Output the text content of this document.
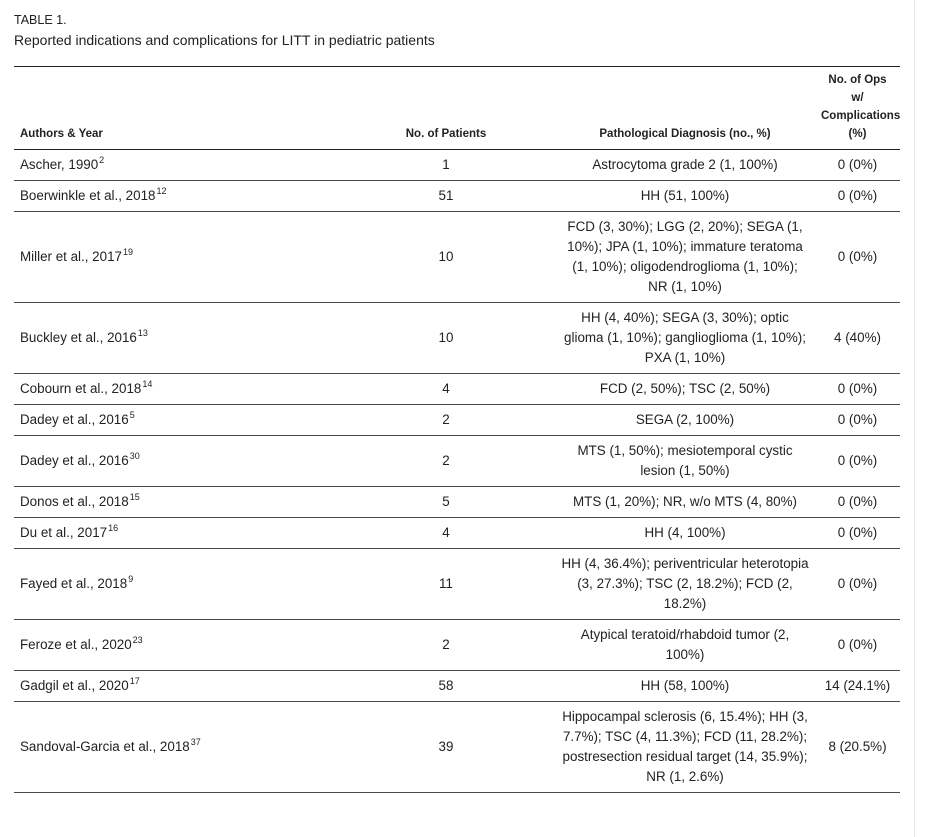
TABLE 1.
Reported indications and complications for LITT in pediatric patients
Authors & Year	No. of Patients	Pathological Diagnosis (no., %)	No. of Ops w/ Complications (%)
Ascher, 1990$^2$	1	Astrocytoma grade 2 (1, 100%)	0 (0%)
Boerwinkle et al., 2018$^{12}$	51	HH (51, 100%)	0 (0%)
Miller et al., 2017$^{19}$	10	FCD (3, 30%); LGG (2, 20%); SEGA (1, 10%); JPA (1, 10%); immature teratoma (1, 10%); oligodendroglioma (1, 10%); NR (1, 10%)	0 (0%)
Buckley et al., 2016$^{13}$	10	HH (4, 40%); SEGA (3, 30%); optic glioma (1, 10%); ganglioglioma (1, 10%); PXA (1, 10%)	4 (40%)
Cobourn et al., 2018$^{14}$	4	FCD (2, 50%); TSC (2, 50%)	0 (0%)
Dadey et al., 2016$^5$	2	SEGA (2, 100%)	0 (0%)
Dadey et al., 2016$^{30}$	2	MTS (1, 50%); mesiotemporal cystic lesion (1, 50%)	0 (0%)
Donos et al., 2018$^{15}$	5	MTS (1, 20%); NR, w/o MTS (4, 80%)	0 (0%)
Du et al., 2017$^{16}$	4	HH (4, 100%)	0 (0%)
Fayed et al., 2018$^9$	11	HH (4, 36.4%); periventricular heterotopia (3, 27.3%); TSC (2, 18.2%); FCD (2, 18.2%)	0 (0%)
Feroze et al., 2020$^{23}$	2	Atypical teratoid/rhabdoid tumor (2, 100%)	0 (0%)
Gadgil et al., 2020$^{17}$	58	HH (58, 100%)	14 (24.1%)
Sandoval-Garcia et al., 2018$^{37}$	39	Hippocampal sclerosis (6, 15.4%); HH (3, 7.7%); TSC (4, 11.3%); FCD (11, 28.2%); postresection residual target (14, 35.9%); NR (1, 2.6%)	8 (20.5%)
